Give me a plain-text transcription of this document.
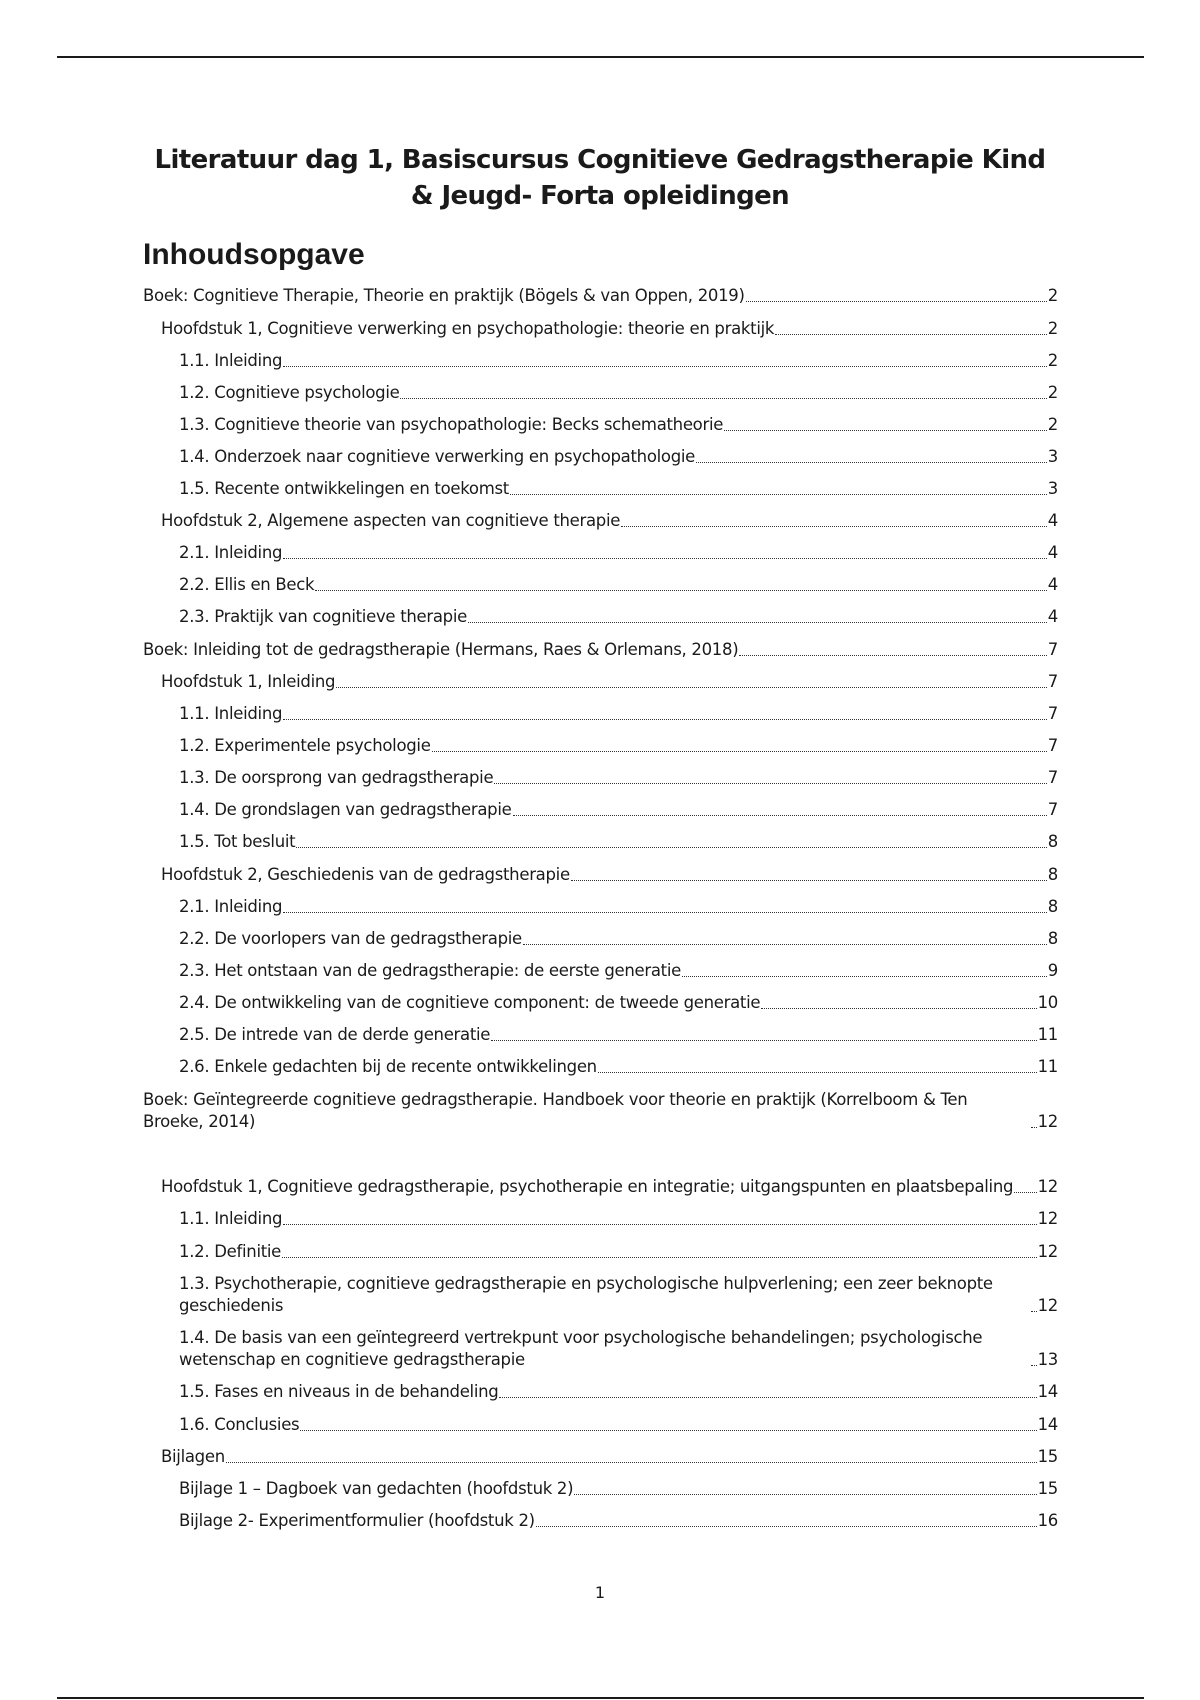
Literatuur dag 1, Basiscursus Cognitieve Gedragstherapie Kind & Jeugd- Forta opleidingen
Inhoudsopgave
Boek: Cognitieve Therapie, Theorie en praktijk (Bögels & van Oppen, 2019)	2
Hoofdstuk 1, Cognitieve verwerking en psychopathologie: theorie en praktijk	2
1.1. Inleiding	2
1.2. Cognitieve psychologie	2
1.3. Cognitieve theorie van psychopathologie: Becks schematheorie	2
1.4. Onderzoek naar cognitieve verwerking en psychopathologie	3
1.5. Recente ontwikkelingen en toekomst	3
Hoofdstuk 2, Algemene aspecten van cognitieve therapie	4
2.1. Inleiding	4
2.2. Ellis en Beck	4
2.3. Praktijk van cognitieve therapie	4
Boek: Inleiding tot de gedragstherapie (Hermans, Raes & Orlemans, 2018)	7
Hoofdstuk 1, Inleiding	7
1.1. Inleiding	7
1.2. Experimentele psychologie	7
1.3. De oorsprong van gedragstherapie	7
1.4. De grondslagen van gedragstherapie	7
1.5. Tot besluit	8
Hoofdstuk 2, Geschiedenis van de gedragstherapie	8
2.1. Inleiding	8
2.2. De voorlopers van de gedragstherapie	8
2.3. Het ontstaan van de gedragstherapie: de eerste generatie	9
2.4. De ontwikkeling van de cognitieve component: de tweede generatie	10
2.5. De intrede van de derde generatie	11
2.6. Enkele gedachten bij de recente ontwikkelingen	11
Boek: Geïntegreerde cognitieve gedragstherapie. Handboek voor theorie en praktijk (Korrelboom & Ten Broeke, 2014)	12
Hoofdstuk 1, Cognitieve gedragstherapie, psychotherapie en integratie; uitgangspunten en plaatsbepaling 12
1.1. Inleiding	12
1.2. Definitie	12
1.3. Psychotherapie, cognitieve gedragstherapie en psychologische hulpverlening; een zeer beknopte geschiedenis	12
1.4. De basis van een geïntegreerd vertrekpunt voor psychologische behandelingen; psychologische wetenschap en cognitieve gedragstherapie	13
1.5. Fases en niveaus in de behandeling	14
1.6. Conclusies	14
Bijlagen	15
Bijlage 1 – Dagboek van gedachten (hoofdstuk 2)	15
Bijlage 2- Experimentformulier (hoofdstuk 2)	16
1
